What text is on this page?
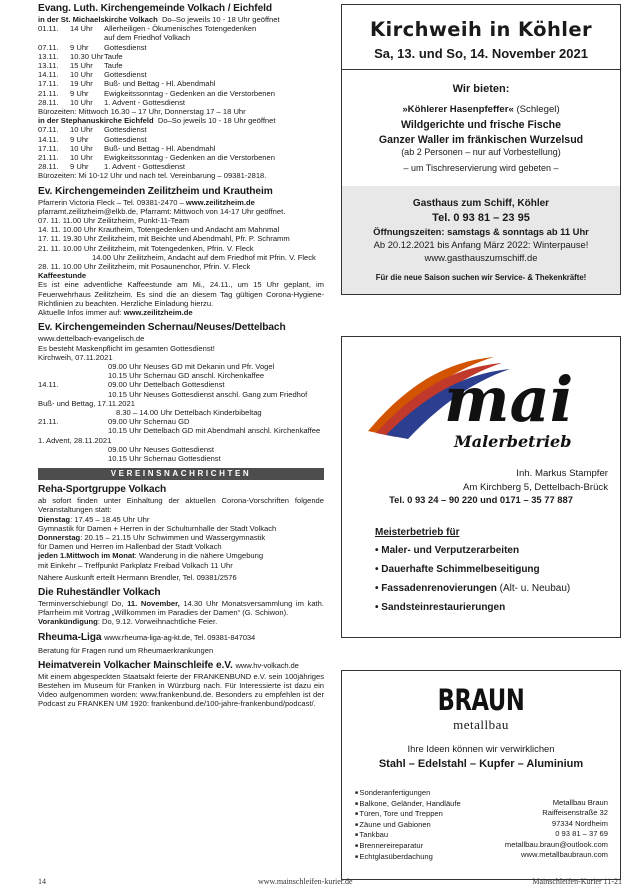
Evang. Luth. Kirchengemeinde Volkach / Eichfeld
in der St. Michaelskirche Volkach Do–So jeweils 10 - 18 Uhr geöffnet
01.11.	14 Uhr	Allerheiligen - Ökumenisches Totengedenken
auf dem Friedhof Volkach
07.11.	9 Uhr	Gottesdienst
13.11.	10.30 Uhr Taufe
13.11.	15 Uhr	Taufe
14.11.	10 Uhr	Gottesdienst
17.11.	19 Uhr	Buß- und Bettag - Hl. Abendmahl
21.11.	9 Uhr	Ewigkeitssonntag - Gedenken an die Verstorbenen
28.11.	10 Uhr	1. Advent - Gottesdienst
Bürozeiten: Mittwoch 16.30 – 17 Uhr, Donnerstag 17 – 18 Uhr
in der Stephanuskirche Eichfeld Do–So jeweils 10 - 18 Uhr geöffnet
07.11.	10 Uhr	Gottesdienst
14.11.	9 Uhr	Gottesdienst
17.11.	10 Uhr	Buß- und Bettag - Hl. Abendmahl
21.11.	10 Uhr	Ewigkeitssonntag - Gedenken an die Verstorbenen
28.11.	9 Uhr	1. Advent - Gottesdienst
Bürozeiten: Mi 10-12 Uhr und nach tel. Vereinbarung – 09381-2818.
Ev. Kirchengemeinden Zeilitzheim und Krautheim
Pfarrerin Victoria Fleck – Tel. 09381-2470 – www.zeilitzheim.de
pfarramt.zeilitzheim@elkb.de, Pfarramt: Mittwoch von 14-17 Uhr geöffnet.
07. 11. 11.00 Uhr Zeilitzheim, Punkt-11-Team
14. 11. 10.00 Uhr Krautheim, Totengedenken und Andacht am Mahnmal
17. 11. 19.30 Uhr Zeilitzheim, mit Beichte und Abendmahl, Pfr. P. Schramm
21. 11. 10.00 Uhr Zeilitzheim, mit Totengedenken, Pfrin. V. Fleck
14.00 Uhr Zeilitzheim, Andacht auf dem Friedhof mit Pfrin. V. Fleck
28. 11. 10.00 Uhr Zeilitzheim, mit Posaunenchor, Pfrin. V. Fleck
Kaffeestunde
Es ist eine adventliche Kaffeestunde am Mi., 24.11., um 15 Uhr geplant, im Feuerwehrhaus Zeilitzheim. Es sind die an diesem Tag gültigen Corona-Hygiene-Richtlinien zu beachten. Herzliche Einladung hierzu.
Aktuelle Infos immer auf: www.zeilitzheim.de
Ev. Kirchengemeinden Schernau/Neuses/Dettelbach
www.dettelbach-evangelisch.de
Es besteht Maskenpflicht im gesamten Gottesdienst!
Kirchweih, 07.11.2021
09.00 Uhr Neuses GD mit Dekanin und Pfr. Vogel
10.15 Uhr Schernau GD anschl. Kirchenkaffee
14.11.	09.00 Uhr Dettelbach Gottesdienst
10.15 Uhr Neuses Gottesdienst anschl. Gang zum Friedhof
Buß- und Bettag, 17.11.2021
8.30 – 14.00 Uhr Dettelbach Kinderbibeltag
21.11.	09.00 Uhr Schernau GD
10.15 Uhr Dettelbach GD mit Abendmahl anschl. Kirchenkaffee
1. Advent, 28.11.2021
09.00 Uhr Neuses Gottesdienst
10.15 Uhr Schernau Gottesdienst
VEREINSNACHRICHTEN
Reha-Sportgruppe Volkach
ab sofort finden unter Einhaltung der aktuellen Corona-Vorschriften folgende Veranstaltungen statt:
Dienstag: 17.45 – 18.45 Uhr Uhr
Gymnastik für Damen + Herren in der Schulturnhalle der Stadt Volkach
Donnerstag: 20.15 – 21.15 Uhr Schwimmen und Wassergymnastik
für Damen und Herren im Hallenbad der Stadt Volkach
jeden 1.Mittwoch im Monat: Wanderung in die nähere Umgebung
mit Einkehr – Treffpunkt Parkplatz Freibad Volkach 11 Uhr
Nähere Auskunft erteilt Hermann Brendler, Tel. 09381/2576
Die Ruheständler Volkach
Terminverschiebung! Do, 11. November, 14.30 Uhr Monatsversammlung im kath. Pfarrheim mit Vortrag „Willkommen im Paradies der Damen“ (G. Schiwon).
Vorankündigung: Do, 9.12. Vorweihnachtliche Feier.
Rheuma-Liga www.rheuma-liga-ag-kt.de, Tel. 09381-847034
Beratung für Fragen rund um Rheumaerkrankungen
Heimatverein Volkacher Mainschleife e.V. www.hv-volkach.de
Mit einem abgespeckten Staatsakt feierte der FRANKENBUND e.V. sein 100jähriges Bestehen im Museum für Franken in Würzburg nach. Für Interessierte ist dazu ein Video aufgenommen worden: www.frankenbund.de. Besonders zu empfehlen ist der Podcast zu FRANKEN UM 1920: frankenbund.de/100-jahre-frankenbund/podcast/.
Kirchweih in Köhler
Sa, 13. und So, 14. November 2021
Wir bieten:
»Köhlerer Hasenpfeffer« (Schlegel)
Wildgerichte und frische Fische
Ganzer Waller im fränkischen Wurzelsud
(ab 2 Personen – nur auf Vorbestellung)
– um Tischreservierung wird gebeten –
Gasthaus zum Schiff, Köhler
Tel. 0 93 81 – 23 95
Öffnungszeiten: samstags & sonntags ab 11 Uhr
Ab 20.12.2021 bis Anfang März 2022: Winterpause!
www.gasthauszumschiff.de
Für die neue Saison suchen wir Service- & Thekenkräfte!
mai
Malerbetrieb
Inh. Markus Stampfer
Am Kirchberg 5, Dettelbach-Brück
Tel. 0 93 24 – 90 220 und 0171 – 35 77 887
Meisterbetrieb für
• Maler- und Verputzerarbeiten
• Dauerhafte Schimmelbeseitigung
• Fassadenrenovierungen (Alt- u. Neubau)
• Sandsteinrestaurierungen
BRAUN
metallbau
Ihre Ideen können wir verwirklichen
Stahl – Edelstahl – Kupfer – Aluminium
■ Sonderanfertigungen
■ Balkone, Geländer, Handläufe
■ Türen, Tore und Treppen
■ Zäune und Gabionen
■ Tankbau
■ Brennereireparatur
■ Echtglasüberdachung
Metallbau Braun
Raiffeisenstraße 32
97334 Nordheim
0 93 81 – 37 69
metallbau.braun@outlook.com
www.metallbaubraun.com
14	www.mainschleifen-kurier.de	Mainschleifen-Kurier 11-21
